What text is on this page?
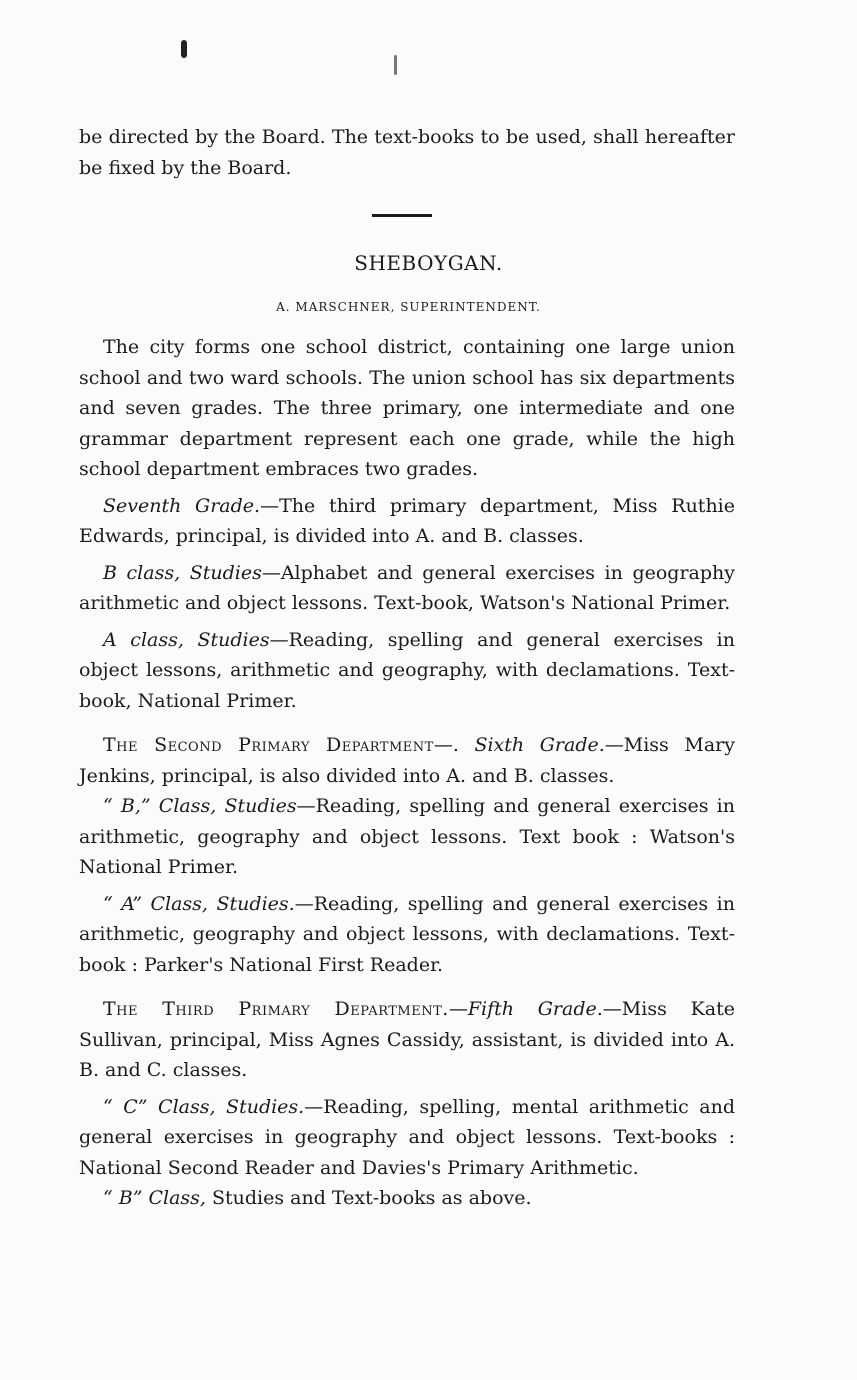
be directed by the Board. The text-books to be used, shall hereafter be fixed by the Board.

SHEBOYGAN.
A. MARSCHNER, SUPERINTENDENT.

The city forms one school district, containing one large union school and two ward schools. The union school has six departments and seven grades. The three primary, one intermediate and one grammar department represent each one grade, while the high school department embraces two grades.

Seventh Grade.—The third primary department, Miss Ruthie Edwards, principal, is divided into A. and B. classes.

B class, Studies—Alphabet and general exercises in geography arithmetic and object lessons. Text-book, Watson's National Primer.

A class, Studies—Reading, spelling and general exercises in object lessons, arithmetic and geography, with declamations. Text-book, National Primer.

The Second Primary Department—. Sixth Grade.—Miss Mary Jenkins, principal, is also divided into A. and B. classes.

“ B,” Class, Studies—Reading, spelling and general exercises in arithmetic, geography and object lessons. Text book : Watson's National Primer.

“ A” Class, Studies.—Reading, spelling and general exercises in arithmetic, geography and object lessons, with declamations. Text-book : Parker's National First Reader.

The Third Primary Department.—Fifth Grade.—Miss Kate Sullivan, principal, Miss Agnes Cassidy, assistant, is divided into A. B. and C. classes.

“ C” Class, Studies.—Reading, spelling, mental arithmetic and general exercises in geography and object lessons. Text-books : National Second Reader and Davies's Primary Arithmetic.

“ B” Class, Studies and Text-books as above.
